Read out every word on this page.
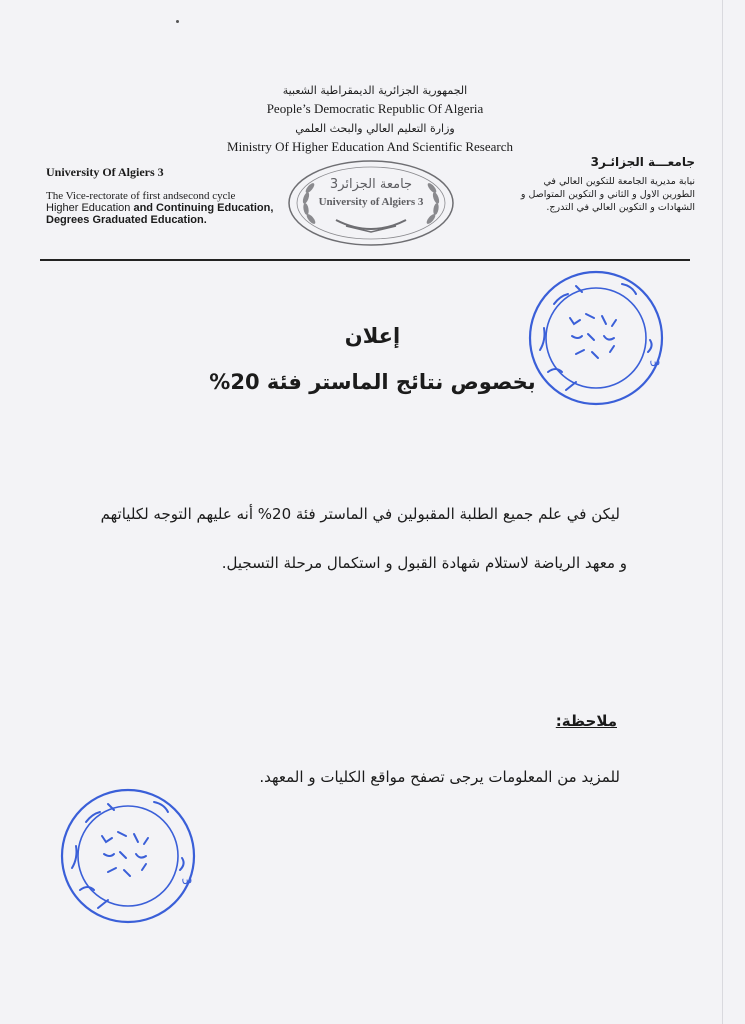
الجمهورية الجزائرية الديمقراطية الشعبية
People’s Democratic Republic Of Algeria
وزارة التعليم العالي والبحث العلمي
Ministry Of Higher Education And Scientific Research
University Of Algiers 3
The Vice-rectorate of first andsecond cycle
Higher Education and Continuing Education,
Degrees Graduated Education.
جامعة الجزائر3
University of Algiers 3
جامعـــة الجزائـر3
نيابة مديرية الجامعة للتكوين العالي في
الطورين الاول و الثاني و التكوين المتواصل و
الشهادات و التكوين العالي في التدرج.
3
إعلان
بخصوص نتائج الماستر فئة 20%
ليكن في علم جميع الطلبة المقبولين في الماستر فئة 20% أنه عليهم التوجه لكلياتهم
و معهد الرياضة لاستلام شهادة القبول و استكمال مرحلة التسجيل.
ملاحظة:
للمزيد من المعلومات يرجى تصفح مواقع الكليات و المعهد.
3
